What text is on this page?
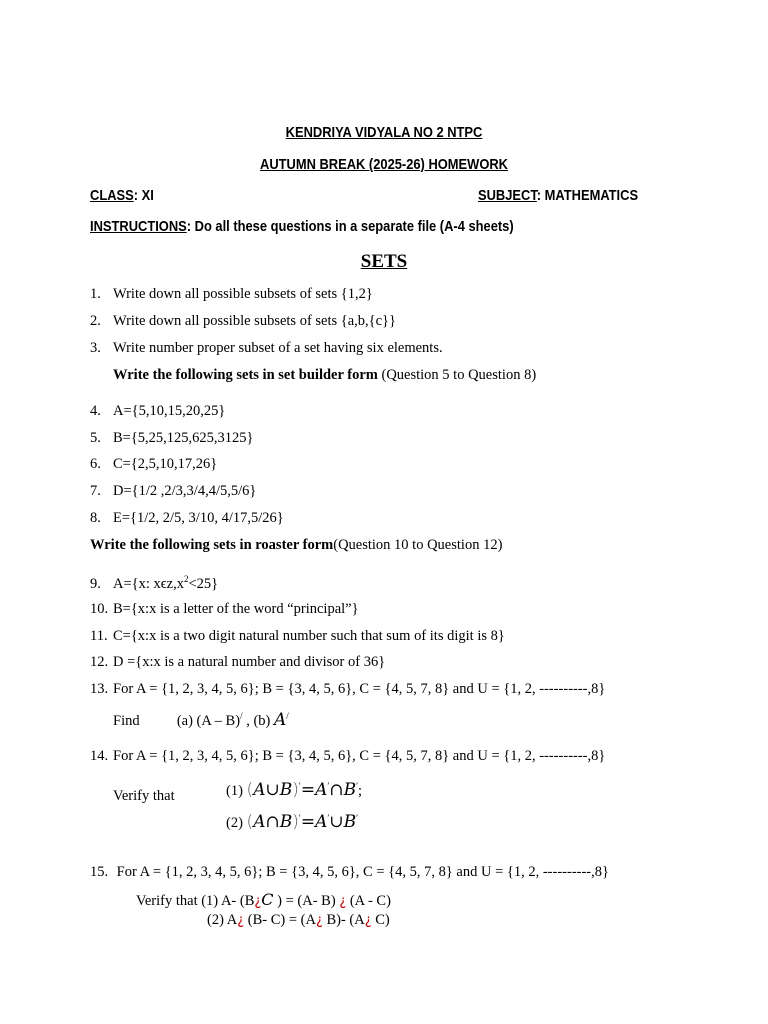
KENDRIYA VIDYALA NO 2 NTPC
AUTUMN BREAK (2025-26) HOMEWORK
CLASS: XI	SUBJECT: MATHEMATICS
INSTRUCTIONS: Do all these questions in a separate file (A-4 sheets)
SETS
1. Write down all possible subsets of sets {1,2}
2. Write down all possible subsets of sets {a,b,{c}}
3. Write number proper subset of a set having six elements.
Write the following sets in set builder form (Question 5 to Question 8)
4. A={5,10,15,20,25}
5. B={5,25,125,625,3125}
6. C={2,5,10,17,26}
7. D={1/2 ,2/3,3/4,4/5,5/6}
8. E={1/2, 2/5, 3/10, 4/17,5/26}
Write the following sets in roaster form(Question 10 to Question 12)
9. A={x: $x\epsilon z,x^2<25$}
10. B={x:x is a letter of the word “principal”}
11. C={x:x is a two digit natural number such that sum of its digit is 8}
12. D ={x:x is a natural number and divisor of 36}
13. For A = {1, 2, 3, 4, 5, 6}; B = {3, 4, 5, 6}, C = {4, 5, 7, 8} and U = {1, 2, ----------,8}
Find	(a) (A – B)/ , (b) A/
14. For A = {1, 2, 3, 4, 5, 6}; B = {3, 4, 5, 6}, C = {4, 5, 7, 8} and U = {1, 2, ----------,8}
Verify that	(1) (A∪B)′=A′∩B′;
(2) (A∩B)′=A′∪B′
15. For A = {1, 2, 3, 4, 5, 6}; B = {3, 4, 5, 6}, C = {4, 5, 7, 8} and U = {1, 2, ----------,8}
Verify that (1) A- (B¿C ) = (A- B) ¿ (A - C)
(2) A¿ (B- C) = (A¿ B)- (A¿ C)
